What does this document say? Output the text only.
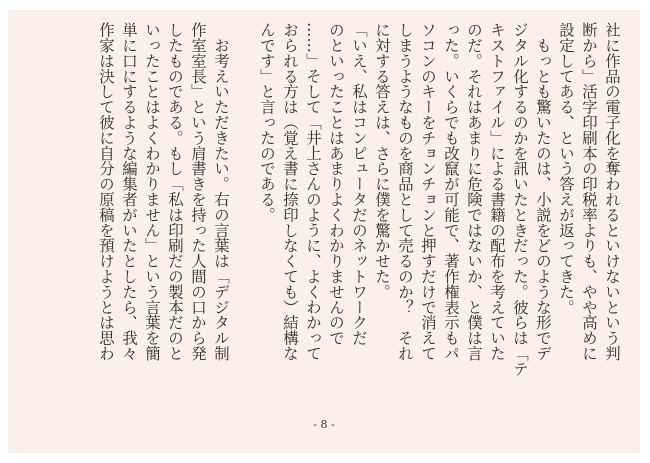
社に作品の電子化を奪われるといけないという判
断から」活字印刷本の印税率よりも、やや高めに
設定してある、という答えが返ってきた。
　もっとも驚いたのは、小説をどのような形でデ
ジタル化するのかを訊いたときだった。彼らは「テ
キストファイル」による書籍の配布を考えていた
のだ。それはあまりに危険ではないか、と僕は言
った。いくらでも改竄が可能で、著作権表示もパ
ソコンのキーをチョンチョンと押すだけで消えて
しまうようなものを商品として売るのか？　それ
に対する答えは、さらに僕を驚かせた。
「いえ、私はコンピュータだのネットワークだ
のといったことはあまりよくわかりませんので
……」そして「井上さんのように、よくわかって
おられる方は（覚え書に捺印しなくても）結構な
んです」と言ったのである。
　お考えいただきたい。右の言葉は「デジタル制
作室室長」という肩書きを持った人間の口から発
したものである。もし「私は印刷だの製本だのと
いったことはよくわかりません」という言葉を簡
単に口にするような編集者がいたとしたら、我々
作家は決して彼に自分の原稿を預けようとは思わ
- 8 -
